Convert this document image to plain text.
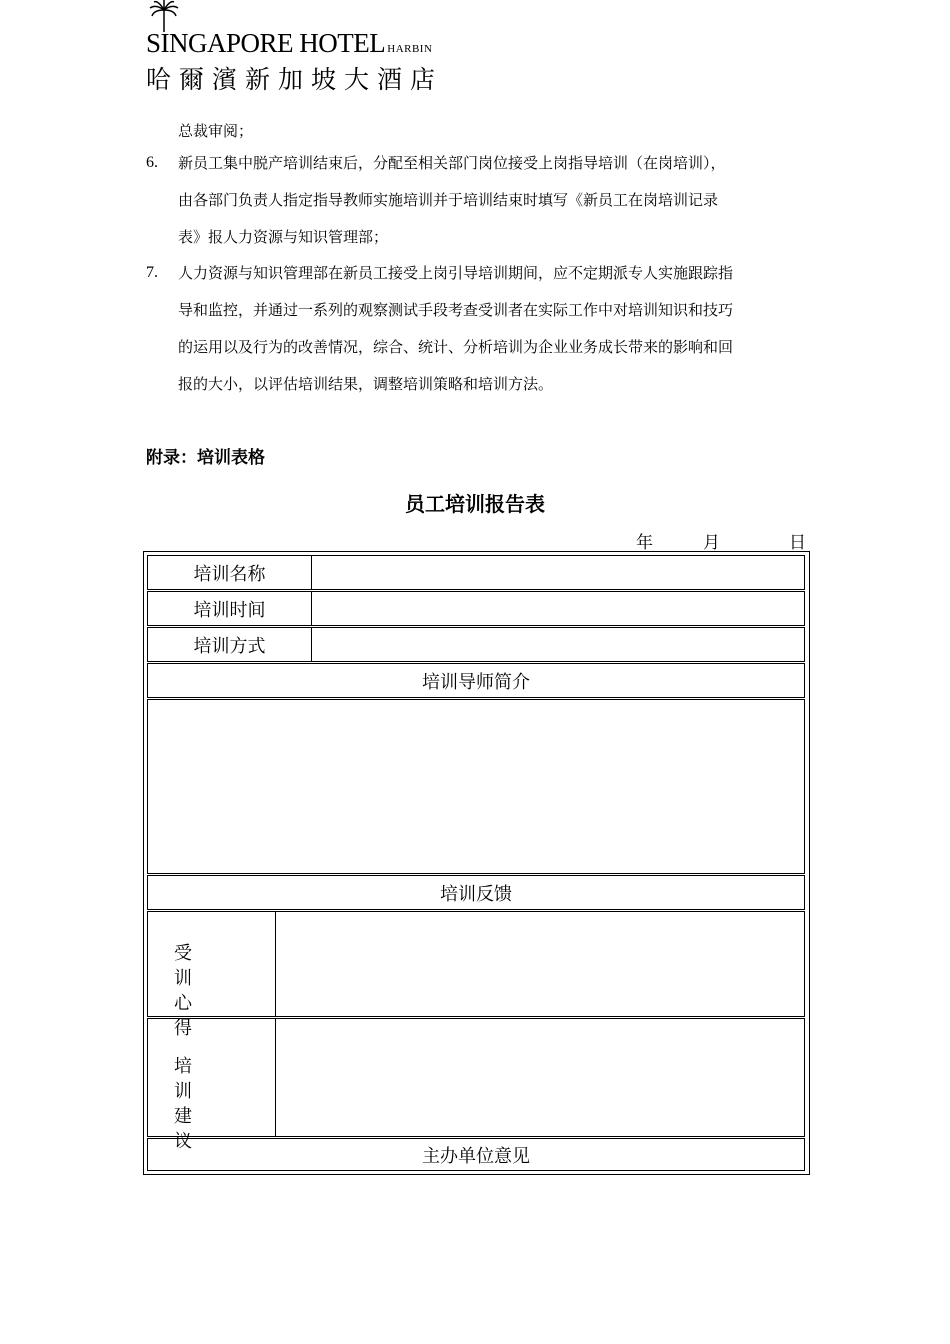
SINGAPORE HOTEL HARBIN
哈爾濱新加坡大酒店
总裁审阅；
6. 新员工集中脱产培训结束后，分配至相关部门岗位接受上岗指导培训（在岗培训），
由各部门负责人指定指导教师实施培训并于培训结束时填写《新员工在岗培训记录
表》报人力资源与知识管理部；
7. 人力资源与知识管理部在新员工接受上岗引导培训期间，应不定期派专人实施跟踪指
导和监控，并通过一系列的观察测试手段考查受训者在实际工作中对培训知识和技巧
的运用以及行为的改善情况，综合、统计、分析培训为企业业务成长带来的影响和回
报的大小，以评估培训结果，调整培训策略和培训方法。
附录：培训表格
员工培训报告表
年	月	日
培训名称
培训时间
培训方式
培训导师简介
培训反馈
受训
心得
培训
建议
主办单位意见
